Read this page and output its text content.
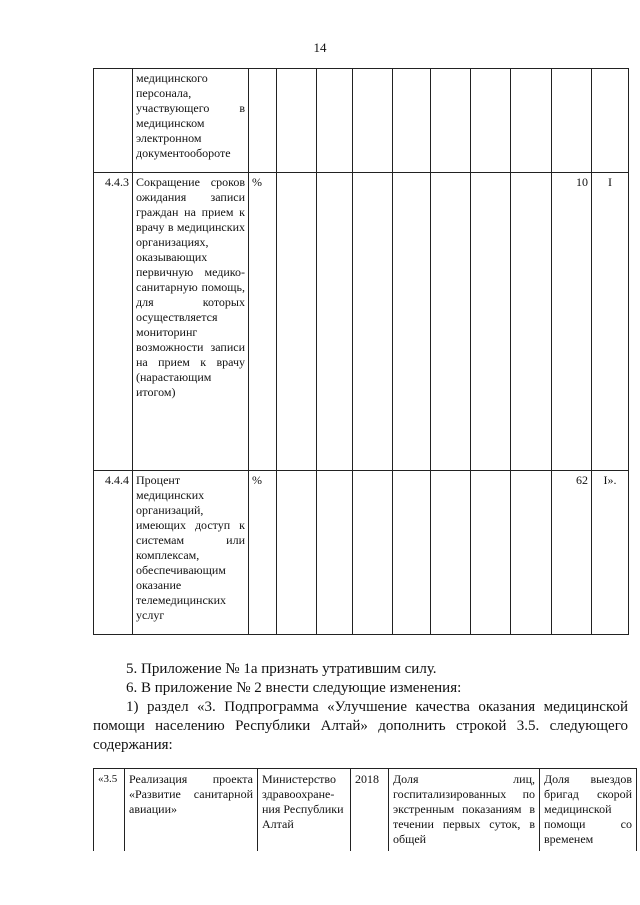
14
	медицинского персонала, участвующего в медицинском электронном документообороте										
4.4.3	Сокращение сроков ожидания записи граждан на прием к врачу в медицинских организациях, оказывающих первичную медико-санитарную помощь, для которых осуществляется мониторинг возможности записи на прием к врачу (нарастающим итогом)	%								10	I
4.4.4	Процент медицинских организаций, имеющих доступ к системам или комплексам, обеспечивающим оказание телемедицинских услуг	%								62	I».
5. Приложение № 1а признать утратившим силу.
6. В приложение № 2 внести следующие изменения:
1) раздел «3. Подпрограмма «Улучшение качества оказания медицинской помощи населению Республики Алтай» дополнить строкой 3.5. следующего содержания:
«3.5	Реализация проекта «Развитие санитарной авиации»	Министерство здравоохране-ния Республики Алтай	2018	Доля лиц, госпитализированных по экстренным показаниям в течении первых суток, в общей	Доля выездов бригад скорой медицинской помощи со временем
